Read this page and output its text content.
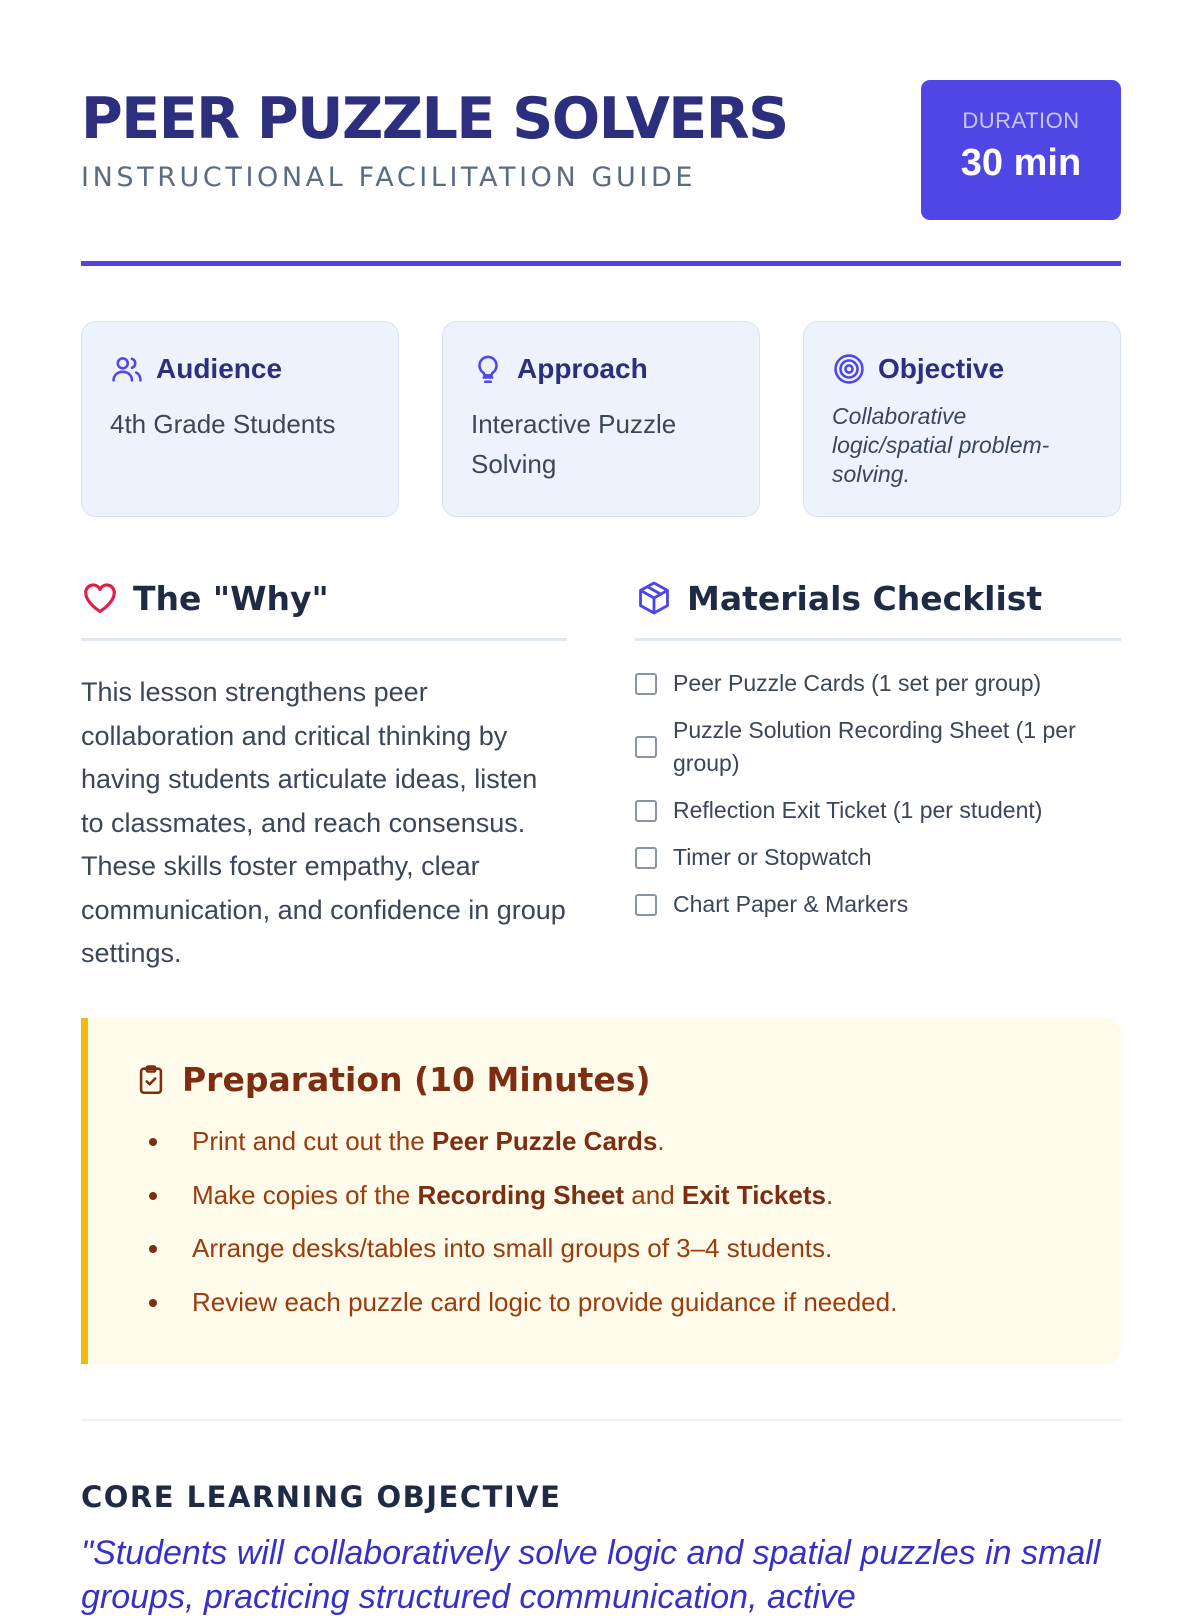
PEER PUZZLE SOLVERS
INSTRUCTIONAL FACILITATION GUIDE
DURATION
30 min
Audience
4th Grade Students
Approach
Interactive Puzzle Solving
Objective
Collaborative logic/spatial problem-solving.
The "Why"
This lesson strengthens peer collaboration and critical thinking by having students articulate ideas, listen to classmates, and reach consensus. These skills foster empathy, clear communication, and confidence in group settings.
Materials Checklist
Peer Puzzle Cards (1 set per group)
Puzzle Solution Recording Sheet (1 per group)
Reflection Exit Ticket (1 per student)
Timer or Stopwatch
Chart Paper & Markers
Preparation (10 Minutes)
• Print and cut out the Peer Puzzle Cards.
• Make copies of the Recording Sheet and Exit Tickets.
• Arrange desks/tables into small groups of 3–4 students.
• Review each puzzle card logic to provide guidance if needed.
CORE LEARNING OBJECTIVE
"Students will collaboratively solve logic and spatial puzzles in small groups, practicing structured communication, active
